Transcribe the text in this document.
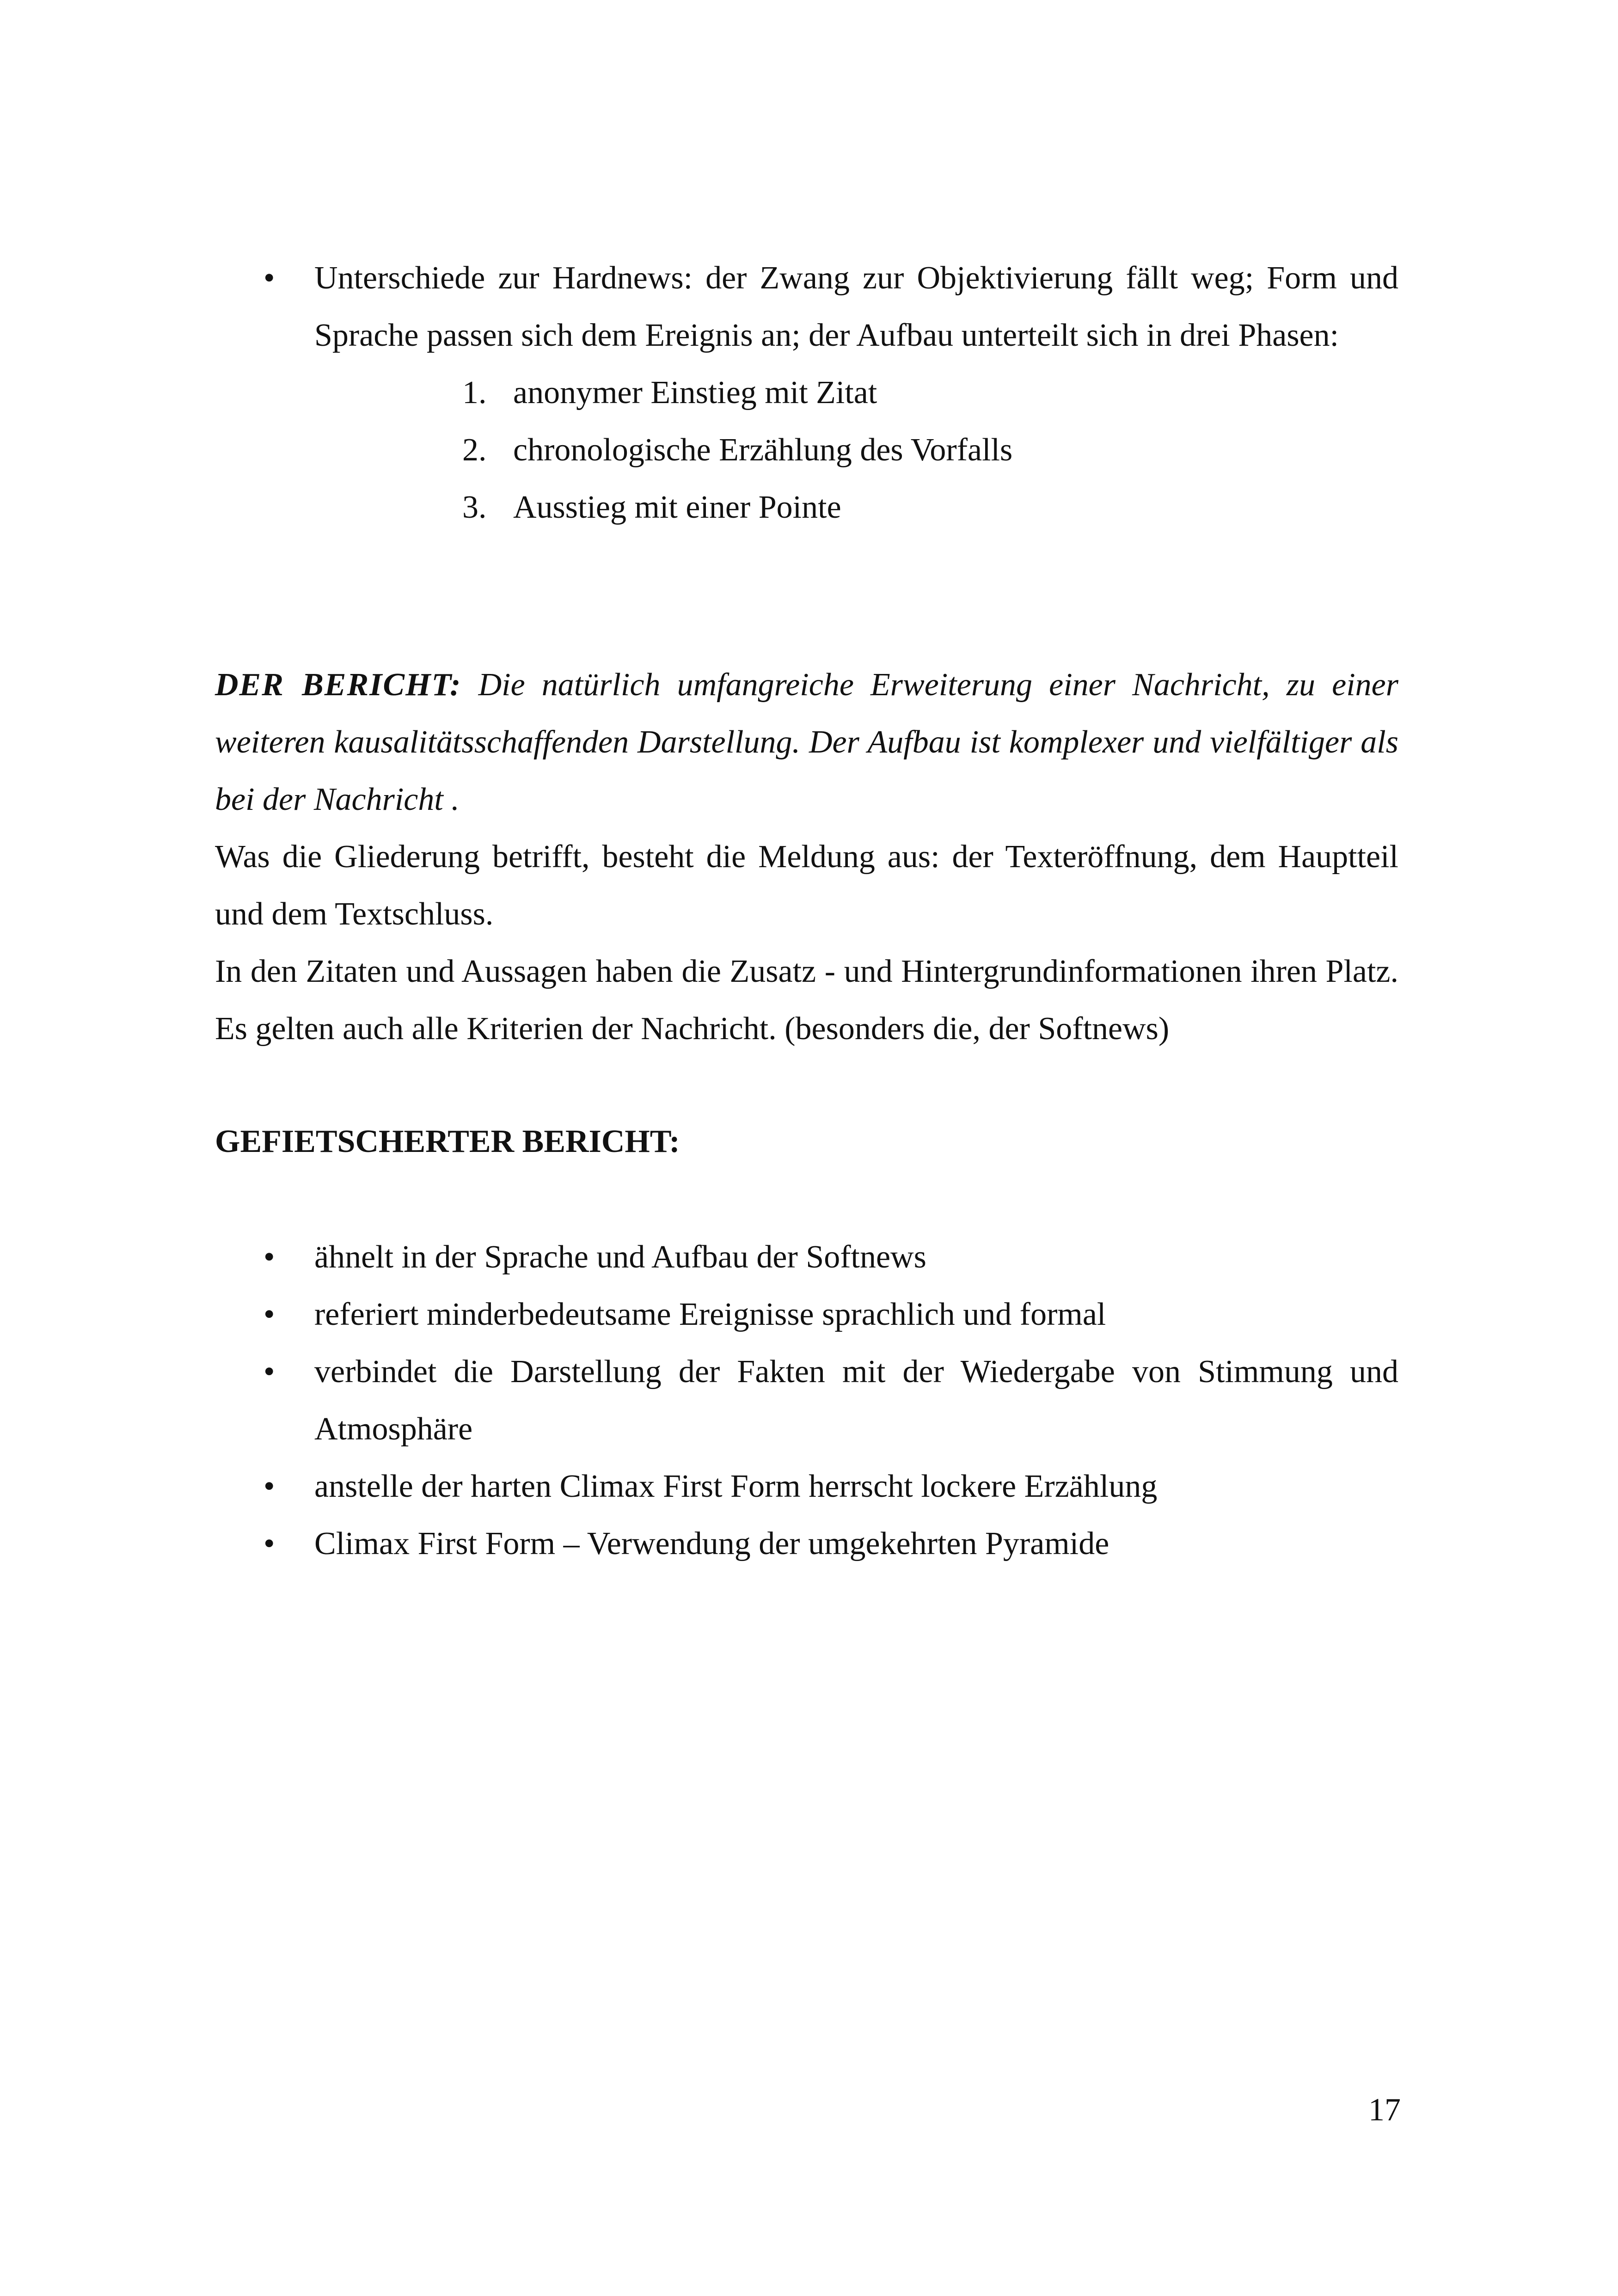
• Unterschiede zur Hardnews: der Zwang zur Objektivierung fällt weg; Form und Sprache passen sich dem Ereignis an; der Aufbau unterteilt sich in drei Phasen:
1. anonymer Einstieg mit Zitat
2. chronologische Erzählung des Vorfalls
3. Ausstieg mit einer Pointe

DER BERICHT: Die natürlich umfangreiche Erweiterung einer Nachricht, zu einer weiteren kausalitätsschaffenden Darstellung. Der Aufbau ist komplexer und vielfältiger als bei der Nachricht .

Was die Gliederung betrifft, besteht die Meldung aus: der Texteröffnung, dem Hauptteil und dem Textschluss.

In den Zitaten und Aussagen haben die Zusatz - und Hintergrundinformationen ihren Platz. Es gelten auch alle Kriterien der Nachricht. (besonders die, der Softnews)

GEFIETSCHERTER BERICHT:

• ähnelt in der Sprache und Aufbau der Softnews
• referiert minderbedeutsame Ereignisse sprachlich und formal
• verbindet die Darstellung der Fakten mit der Wiedergabe von Stimmung und Atmosphäre
• anstelle der harten Climax First Form herrscht lockere Erzählung
• Climax First Form – Verwendung der umgekehrten Pyramide
17
